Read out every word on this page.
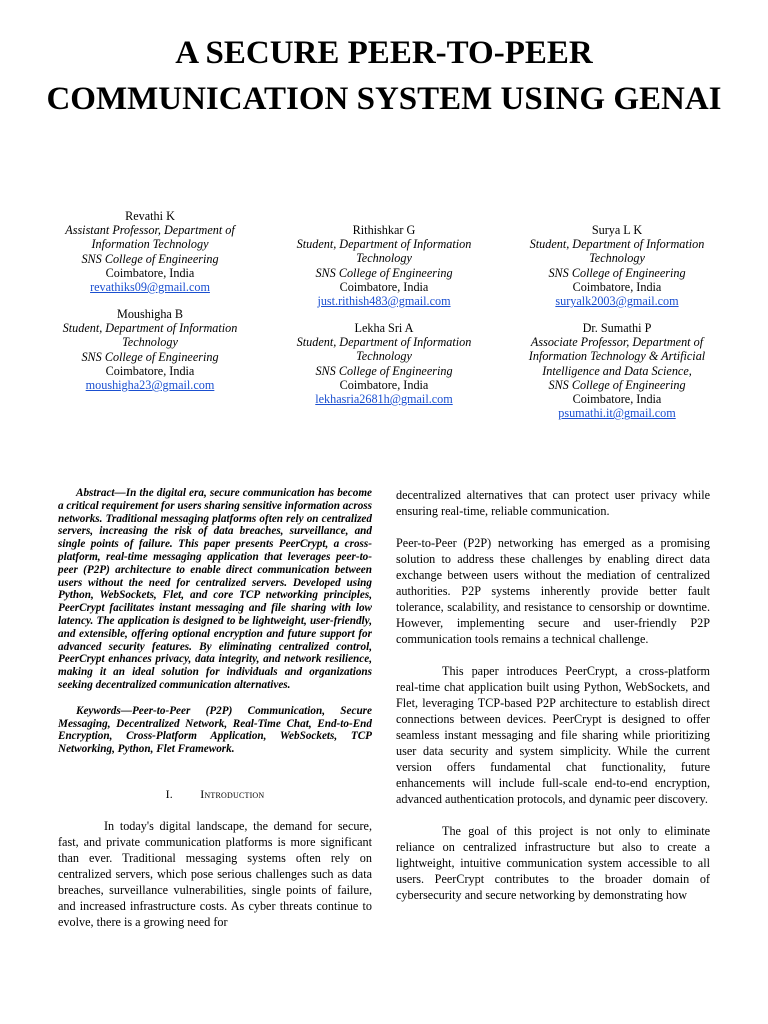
A SECURE PEER-TO-PEER COMMUNICATION SYSTEM USING GENAI
Revathi K
Assistant Professor, Department of Information Technology
SNS College of Engineering
Coimbatore, India
revathiks09@gmail.com
Rithishkar G
Student, Department of Information Technology
SNS College of Engineering
Coimbatore, India
just.rithish483@gmail.com
Surya L K
Student, Department of Information Technology
SNS College of Engineering
Coimbatore, India
suryalk2003@gmail.com
Moushigha B
Student, Department of Information Technology
SNS College of Engineering
Coimbatore, India
moushigha23@gmail.com
Lekha Sri A
Student, Department of Information Technology
SNS College of Engineering
Coimbatore, India
lekhasria2681h@gmail.com
Dr. Sumathi P
Associate Professor, Department of Information Technology & Artificial Intelligence and Data Science,
SNS College of Engineering
Coimbatore, India
psumathi.it@gmail.com

Abstract—In the digital era, secure communication has become a critical requirement for users sharing sensitive information across networks. Traditional messaging platforms often rely on centralized servers, increasing the risk of data breaches, surveillance, and single points of failure. This paper presents PeerCrypt, a cross-platform, real-time messaging application that leverages peer-to-peer (P2P) architecture to enable direct communication between users without the need for centralized servers. Developed using Python, WebSockets, Flet, and core TCP networking principles, PeerCrypt facilitates instant messaging and file sharing with low latency. The application is designed to be lightweight, user-friendly, and extensible, offering optional encryption and future support for advanced security features. By eliminating centralized control, PeerCrypt enhances privacy, data integrity, and network resilience, making it an ideal solution for individuals and organizations seeking decentralized communication alternatives.

Keywords—Peer-to-Peer (P2P) Communication, Secure Messaging, Decentralized Network, Real-Time Chat, End-to-End Encryption, Cross-Platform Application, WebSockets, TCP Networking, Python, Flet Framework.

I. Introduction

In today's digital landscape, the demand for secure, fast, and private communication platforms is more significant than ever. Traditional messaging systems often rely on centralized servers, which pose serious challenges such as data breaches, surveillance vulnerabilities, single points of failure, and increased infrastructure costs. As cyber threats continue to evolve, there is a growing need for

decentralized alternatives that can protect user privacy while ensuring real-time, reliable communication.

Peer-to-Peer (P2P) networking has emerged as a promising solution to address these challenges by enabling direct data exchange between users without the mediation of centralized authorities. P2P systems inherently provide better fault tolerance, scalability, and resistance to censorship or downtime. However, implementing secure and user-friendly P2P communication tools remains a technical challenge.

This paper introduces PeerCrypt, a cross-platform real-time chat application built using Python, WebSockets, and Flet, leveraging TCP-based P2P architecture to establish direct connections between devices. PeerCrypt is designed to offer seamless instant messaging and file sharing while prioritizing user data security and system simplicity. While the current version offers fundamental chat functionality, future enhancements will include full-scale end-to-end encryption, advanced authentication protocols, and dynamic peer discovery.

The goal of this project is not only to eliminate reliance on centralized infrastructure but also to create a lightweight, intuitive communication system accessible to all users. PeerCrypt contributes to the broader domain of cybersecurity and secure networking by demonstrating how
